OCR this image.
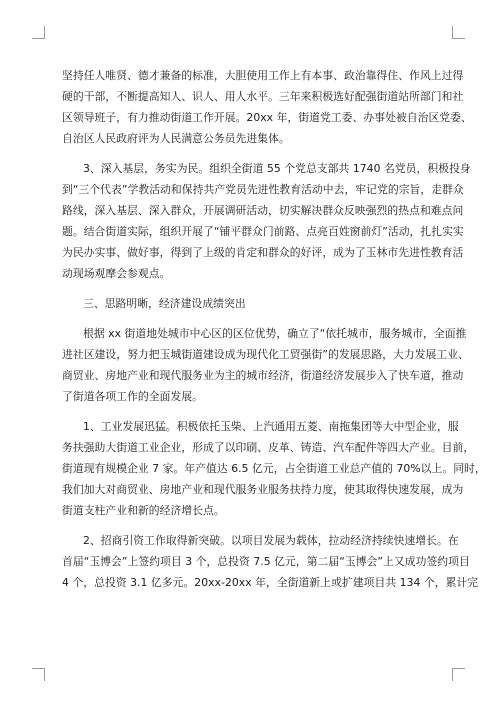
坚持任人唯贤、德才兼备的标准，大胆使用工作上有本事、政治靠得住、作风上过得
硬的干部，不断提高知人、识人、用人水平。三年来积极选好配强街道站所部门和社
区领导班子，有力推动街道工作开展。20xx 年，街道党工委、办事处被自治区党委、
自治区人民政府评为人民满意公务员先进集体。

3、深入基层，务实为民。组织全街道 55 个党总支部共 1740 名党员，积极投身
到“三个代表”学教活动和保持共产党员先进性教育活动中去，牢记党的宗旨，走群众
路线，深入基层、深入群众，开展调研活动，切实解决群众反映强烈的热点和难点问
题。结合街道实际，组织开展了“铺平群众门前路、点亮百姓窗前灯”活动，扎扎实实
为民办实事、做好事，得到了上级的肯定和群众的好评，成为了玉林市先进性教育活
动现场观摩会参观点。

三、思路明晰，经济建设成绩突出

根据 xx 街道地处城市中心区的区位优势，确立了“依托城市，服务城市，全面推
进社区建设，努力把玉城街道建设成为现代化工贸强街”的发展思路，大力发展工业、
商贸业、房地产业和现代服务业为主的城市经济，街道经济发展步入了快车道，推动
了街道各项工作的全面发展。

1、工业发展迅猛。积极依托玉柴、上汽通用五菱、南拖集团等大中型企业，服
务扶强助大街道工业企业，形成了以印刷、皮革、铸造、汽车配件等四大产业。目前，
街道现有规模企业 7 家。年产值达 6.5 亿元，占全街道工业总产值的 70%以上。同时，
我们加大对商贸业、房地产业和现代服务业服务扶持力度，使其取得快速发展，成为
街道支柱产业和新的经济增长点。

2、招商引资工作取得新突破。以项目发展为载体，拉动经济持续快速增长。在
首届“玉博会”上签约项目 3 个，总投资 7.5 亿元，第二届“玉博会”上又成功签约项目
4 个，总投资 3.1 亿多元。20xx-20xx 年，全街道新上或扩建项目共 134 个，累计完
